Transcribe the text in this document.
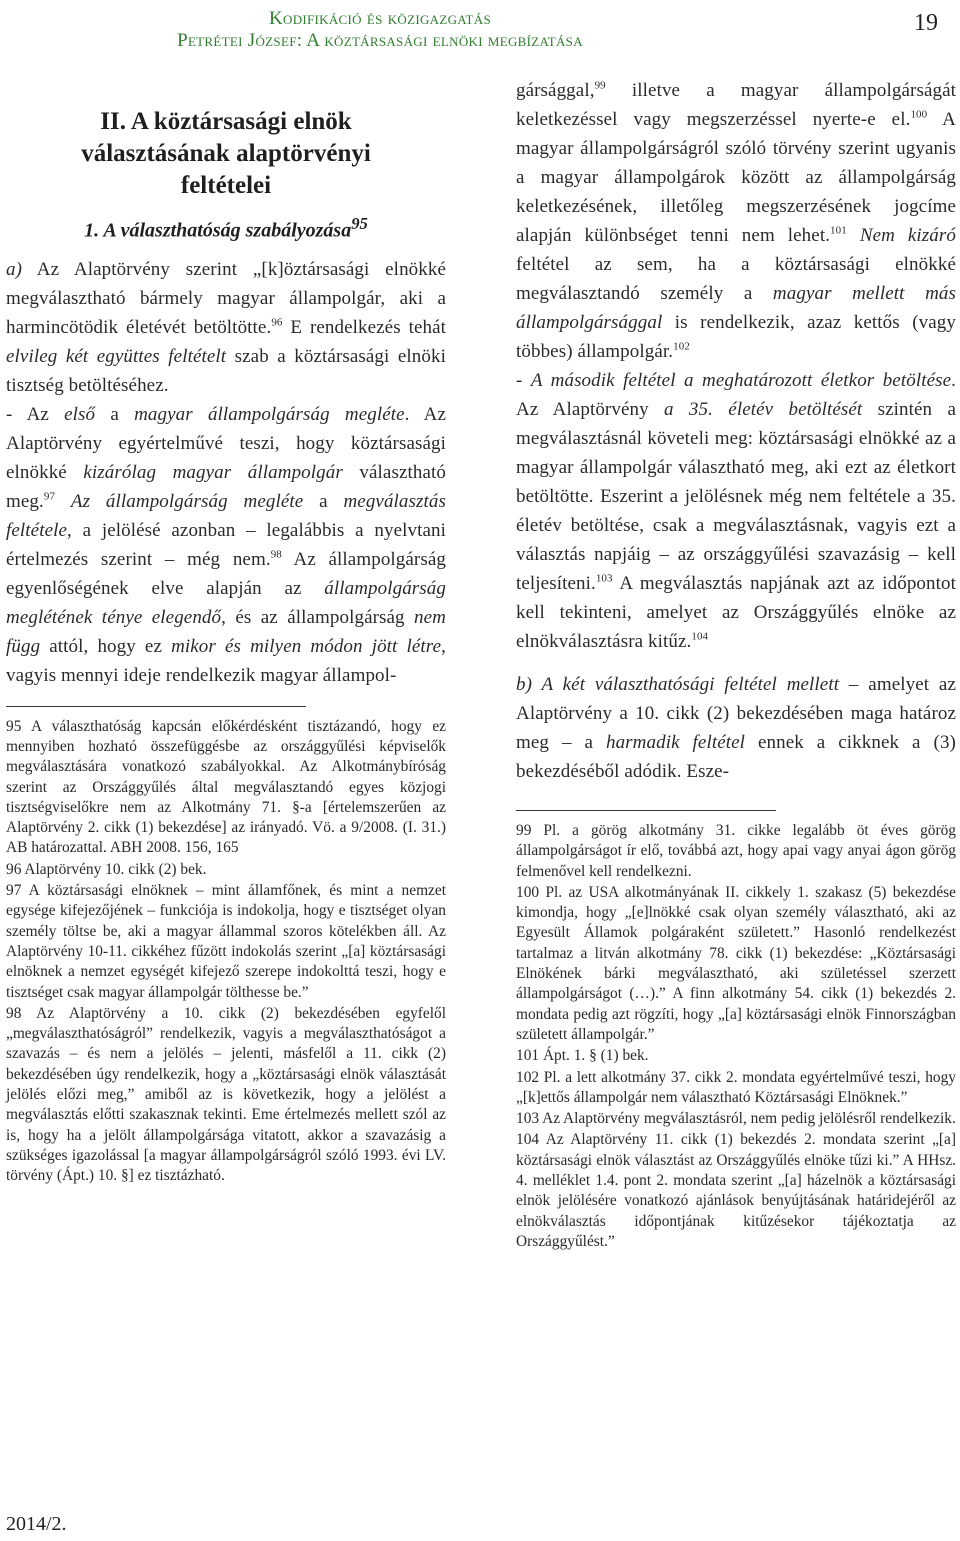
Kodifikáció és közigazgatás
Petrétei József: A köztársasági elnöki megbízatása
19
II. A köztársasági elnök
választásának alaptörvényi
feltételei
1. A választhatóság szabályozása$^{95}$

a) Az Alaptörvény szerint „[k]öztársasági elnökké megválasztható bármely magyar állampolgár, aki a harmincötödik életévét betöltötte.$^{96}$ E rendelkezés tehát elvileg két együttes feltételt szab a köztársasági elnöki tisztség betöltéséhez.

- Az első a magyar állampolgárság megléte. Az Alaptörvény egyértelművé teszi, hogy köztársasági elnökké kizárólag magyar állampolgár választható meg.$^{97}$ Az állampolgárság megléte a megválasztás feltétele, a jelölésé azonban – legalábbis a nyelvtani értelmezés szerint – még nem.$^{98}$ Az állampolgárság egyenlőségének elve alapján az állampolgárság meglétének ténye elegendő, és az állampolgárság nem függ attól, hogy ez mikor és milyen módon jött létre, vagyis mennyi ideje rendelkezik magyar állampol-

95 A választhatóság kapcsán előkérdésként tisztázandó, hogy ez mennyiben hozható összefüggésbe az országgyűlési képviselők megválasztására vonatkozó szabályokkal. Az Alkotmánybíróság szerint az Országgyűlés által megválasztandó egyes közjogi tisztségviselőkre nem az Alkotmány 71. §-a [értelemszerűen az Alaptörvény 2. cikk (1) bekezdése] az irányadó. Vö. a 9/2008. (I. 31.) AB határozattal. ABH 2008. 156, 165

96 Alaptörvény 10. cikk (2) bek.

97 A köztársasági elnöknek – mint államfőnek, és mint a nemzet egysége kifejezőjének – funkciója is indokolja, hogy e tisztséget olyan személy töltse be, aki a magyar állammal szoros kötelékben áll. Az Alaptörvény 10-11. cikkéhez fűzött indokolás szerint „[a] köztársasági elnöknek a nemzet egységét kifejező szerepe indokolttá teszi, hogy e tisztséget csak magyar állampolgár tölthesse be.”

98 Az Alaptörvény a 10. cikk (2) bekezdésében egyfelől „megválaszthatóságról” rendelkezik, vagyis a megválaszthatóságot a szavazás – és nem a jelölés – jelenti, másfelől a 11. cikk (2) bekezdésében úgy rendelkezik, hogy a „köztársasági elnök választását jelölés előzi meg,” amiből az is következik, hogy a jelölést a megválasztás előtti szakasznak tekinti. Eme értelmezés mellett szól az is, hogy ha a jelölt állampolgársága vitatott, akkor a szavazásig a szükséges igazolással [a magyar állampolgárságról szóló 1993. évi LV. törvény (Ápt.) 10. §] ez tisztázható.

gársággal,$^{99}$ illetve a magyar állampolgárságát keletkezéssel vagy megszerzéssel nyerte-e el.$^{100}$ A magyar állampolgárságról szóló törvény szerint ugyanis a magyar állampolgárok között az állampolgárság keletkezésének, illetőleg megszerzésének jogcíme alapján különbséget tenni nem lehet.$^{101}$ Nem kizáró feltétel az sem, ha a köztársasági elnökké megválasztandó személy a magyar mellett más állampolgársággal is rendelkezik, azaz kettős (vagy többes) állampolgár.$^{102}$

- A második feltétel a meghatározott életkor betöltése. Az Alaptörvény a 35. életév betöltését szintén a megválasztásnál követeli meg: köztársasági elnökké az a magyar állampolgár választható meg, aki ezt az életkort betöltötte. Eszerint a jelölésnek még nem feltétele a 35. életév betöltése, csak a megválasztásnak, vagyis ezt a választás napjáig – az országgyűlési szavazásig – kell teljesíteni.$^{103}$ A megválasztás napjának azt az időpontot kell tekinteni, amelyet az Országgyűlés elnöke az elnökválasztásra kitűz.$^{104}$

b) A két választhatósági feltétel mellett – amelyet az Alaptörvény a 10. cikk (2) bekezdésében maga határoz meg – a harmadik feltétel ennek a cikknek a (3) bekezdéséből adódik. Esze-

99 Pl. a görög alkotmány 31. cikke legalább öt éves görög állampolgárságot ír elő, továbbá azt, hogy apai vagy anyai ágon görög felmenővel kell rendelkezni.

100 Pl. az USA alkotmányának II. cikkely 1. szakasz (5) bekezdése kimondja, hogy „[e]lnökké csak olyan személy választható, aki az Egyesült Államok polgáraként született.” Hasonló rendelkezést tartalmaz a litván alkotmány 78. cikk (1) bekezdése: „Köztársasági Elnökének bárki megválasztható, aki születéssel szerzett állampolgárságot (…).” A finn alkotmány 54. cikk (1) bekezdés 2. mondata pedig azt rögzíti, hogy „[a] köztársasági elnök Finnországban született állampolgár.”

101 Ápt. 1. § (1) bek.

102 Pl. a lett alkotmány 37. cikk 2. mondata egyértelművé teszi, hogy „[k]ettős állampolgár nem választható Köztársasági Elnöknek.”

103 Az Alaptörvény megválasztásról, nem pedig jelölésről rendelkezik.

104 Az Alaptörvény 11. cikk (1) bekezdés 2. mondata szerint „[a] köztársasági elnök választást az Országgyűlés elnöke tűzi ki.” A HHsz. 4. melléklet 1.4. pont 2. mondata szerint „[a] házelnök a köztársasági elnök jelölésére vonatkozó ajánlások benyújtásának határidejéről az elnökválasztás időpontjának kitűzésekor tájékoztatja az Országgyűlést.”

2014/2.
